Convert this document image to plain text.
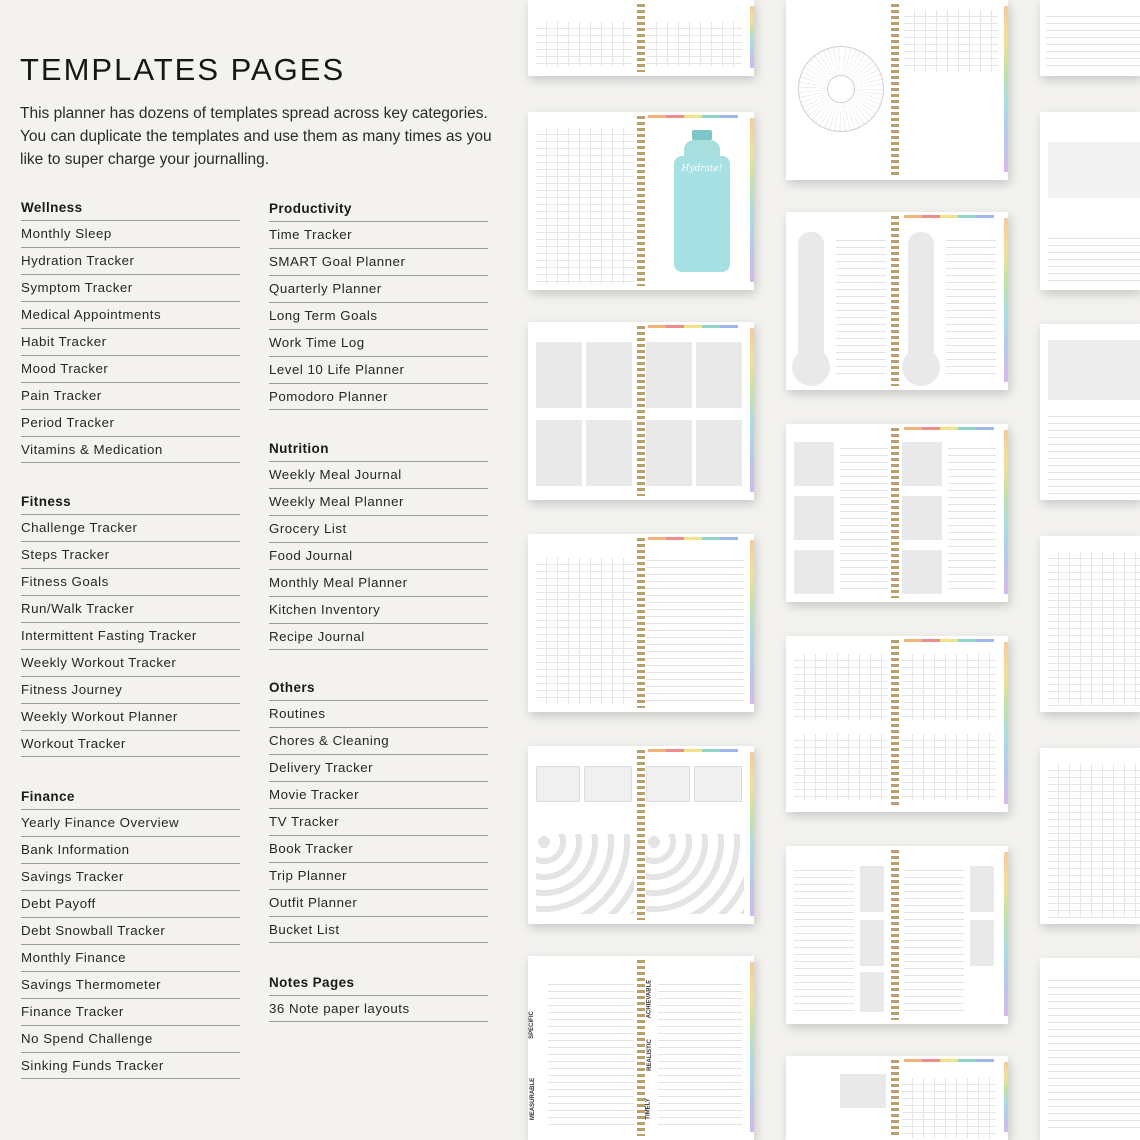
TEMPLATES PAGES

This planner has dozens of templates spread across key categories. You can duplicate the templates and use them as many times as you like to super charge your journalling.

Wellness
Monthly Sleep
Hydration Tracker
Symptom Tracker
Medical Appointments
Habit Tracker
Mood Tracker
Pain Tracker
Period Tracker
Vitamins & Medication
Fitness
Challenge Tracker
Steps Tracker
Fitness Goals
Run/Walk Tracker
Intermittent Fasting Tracker
Weekly Workout Tracker
Fitness Journey
Weekly Workout Planner
Workout Tracker
Finance
Yearly Finance Overview
Bank Information
Savings Tracker
Debt Payoff
Debt Snowball Tracker
Monthly Finance
Savings Thermometer
Finance Tracker
No Spend Challenge
Sinking Funds Tracker
Productivity
Time Tracker
SMART Goal Planner
Quarterly Planner
Long Term Goals
Work Time Log
Level 10 Life Planner
Pomodoro Planner
Nutrition
Weekly Meal Journal
Weekly Meal Planner
Grocery List
Food Journal
Monthly Meal Planner
Kitchen Inventory
Recipe Journal
Others
Routines
Chores & Cleaning
Delivery Tracker
Movie Tracker
TV Tracker
Book Tracker
Trip Planner
Outfit Planner
Bucket List
Notes Pages
36 Note paper layouts
Hydrate!
SPECIFIC
MEASURABLE
ACHIEVABLE
REALISTIC
TIMELY
